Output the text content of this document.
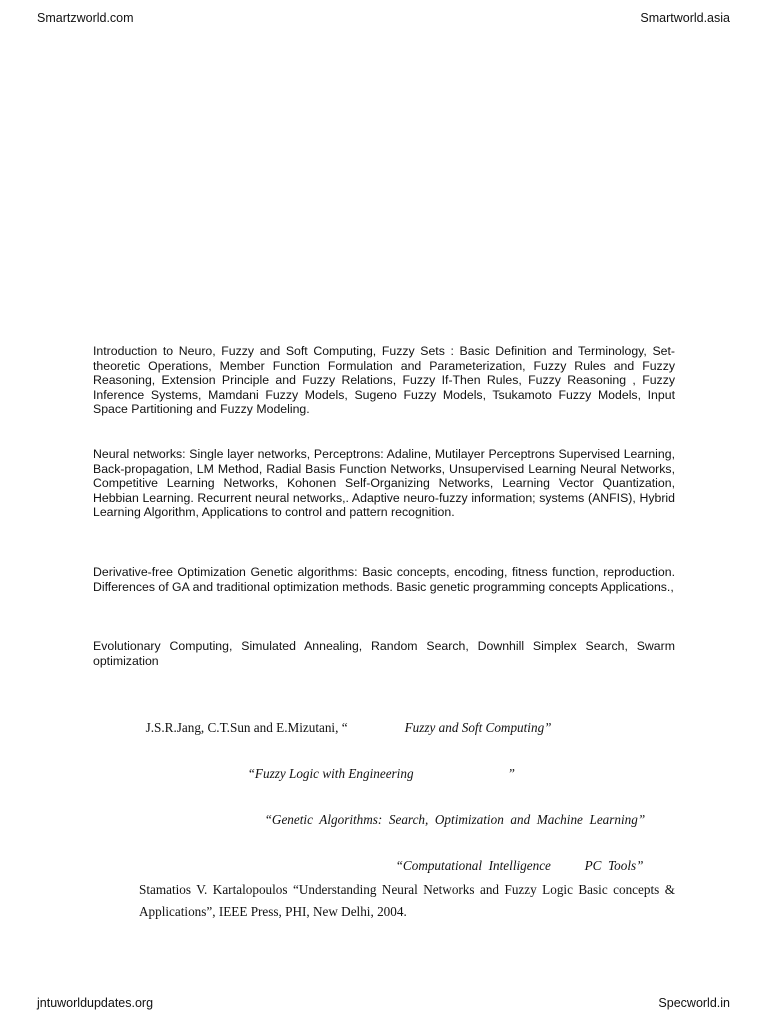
Smartzworld.com	Smartworld.asia
Introduction to Neuro, Fuzzy and Soft Computing, Fuzzy Sets : Basic Definition and Terminology, Set-theoretic Operations, Member Function Formulation and Parameterization, Fuzzy Rules and Fuzzy Reasoning, Extension Principle and Fuzzy Relations, Fuzzy If-Then Rules, Fuzzy Reasoning , Fuzzy Inference Systems, Mamdani Fuzzy Models, Sugeno Fuzzy Models, Tsukamoto Fuzzy Models, Input Space Partitioning and Fuzzy Modeling.
Neural networks: Single layer networks, Perceptrons: Adaline, Mutilayer Perceptrons Supervised Learning, Back-propagation, LM Method, Radial Basis Function Networks, Unsupervised Learning Neural Networks, Competitive Learning Networks, Kohonen Self-Organizing Networks, Learning Vector Quantization, Hebbian Learning. Recurrent neural networks,. Adaptive neuro-fuzzy information; systems (ANFIS), Hybrid Learning Algorithm, Applications to control and pattern recognition.
Derivative-free Optimization Genetic algorithms: Basic concepts, encoding, fitness function, reproduction. Differences of GA and traditional optimization methods. Basic genetic programming concepts Applications.,
Evolutionary Computing, Simulated Annealing, Random Search, Downhill Simplex Search, Swarm optimization

J.S.R.Jang, C.T.Sun and E.Mizutani, “	Fuzzy and Soft Computing”

“Fuzzy Logic with Engineering	”

“Genetic  Algorithms:  Search,  Optimization  and  Machine  Learning”

“Computational  Intelligence	PC  Tools”

Stamatios V. Kartalopoulos “Understanding Neural Networks and Fuzzy Logic Basic concepts & Applications”, IEEE Press, PHI, New Delhi, 2004.
jntuworldupdates.org	Specworld.in
